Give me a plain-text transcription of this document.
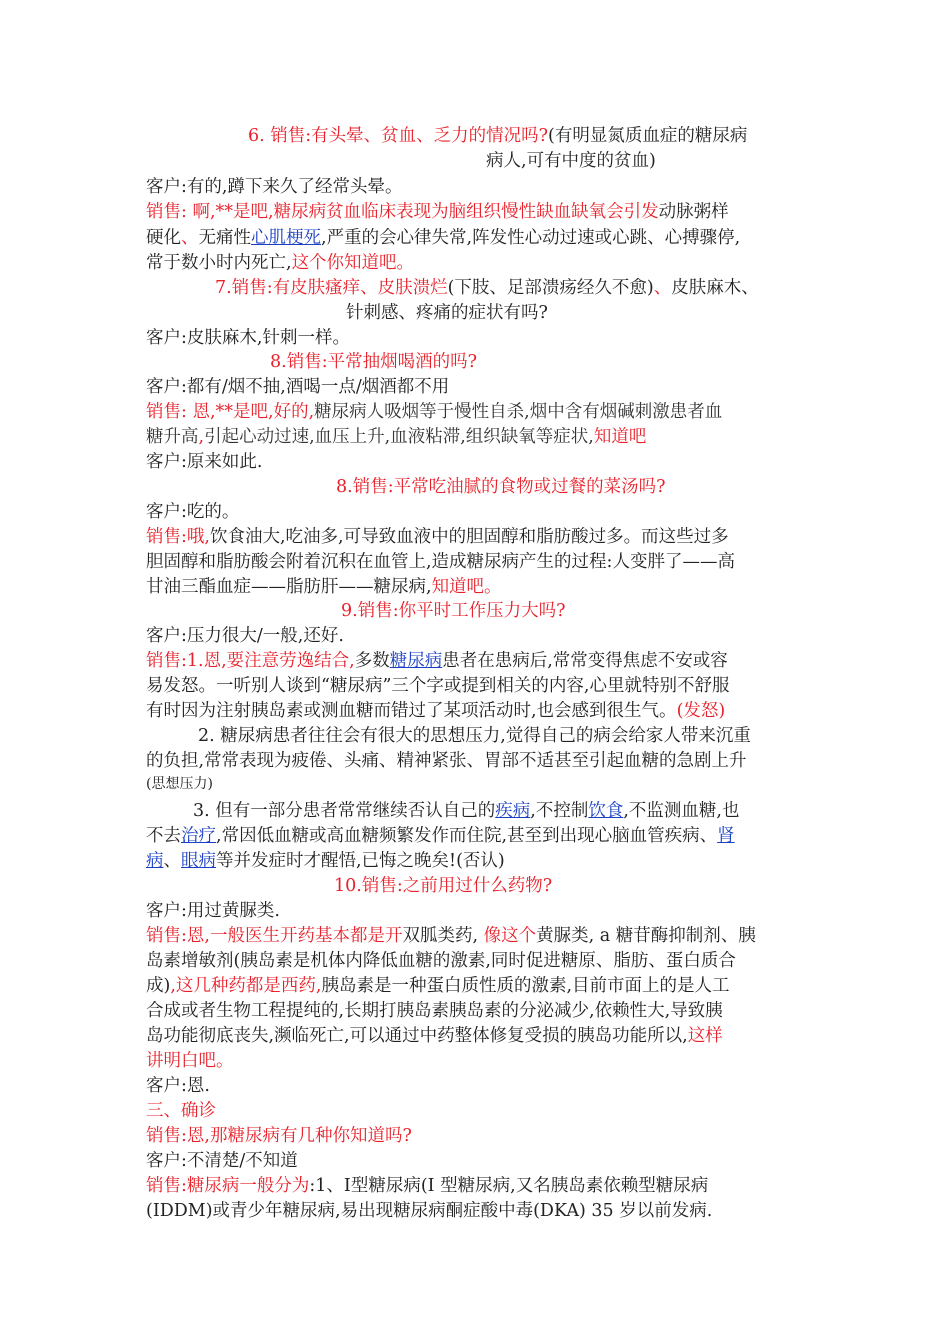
6. 销售:有头晕、贫血、乏力的情况吗?(有明显氮质血症的糖尿病
病人,可有中度的贫血)
客户:有的,蹲下来久了经常头晕。
销售: 啊,**是吧,糖尿病贫血临床表现为脑组织慢性缺血缺氧会引发动脉粥样
硬化、无痛性心肌梗死,严重的会心律失常,阵发性心动过速或心跳、心搏骤停,
常于数小时内死亡,这个你知道吧。
7.销售:有皮肤瘙痒、皮肤溃烂(下肢、足部溃疡经久不愈)、皮肤麻木、
针刺感、疼痛的症状有吗?
客户:皮肤麻木,针刺一样。
8.销售:平常抽烟喝酒的吗?
客户:都有/烟不抽,酒喝一点/烟酒都不用
销售: 恩,**是吧,好的,糖尿病人吸烟等于慢性自杀,烟中含有烟碱刺激患者血
糖升高,引起心动过速,血压上升,血液粘滞,组织缺氧等症状,知道吧
客户:原来如此.
8.销售:平常吃油腻的食物或过餐的菜汤吗?
客户:吃的。
销售:哦,饮食油大,吃油多,可导致血液中的胆固醇和脂肪酸过多。而这些过多
胆固醇和脂肪酸会附着沉积在血管上,造成糖尿病产生的过程:人变胖了——高
甘油三酯血症——脂肪肝——糖尿病,知道吧。
9.销售:你平时工作压力大吗?
客户:压力很大/一般,还好.
销售:1.恩,要注意劳逸结合,多数糖尿病患者在患病后,常常变得焦虑不安或容
易发怒。一听别人谈到“糖尿病”三个字或提到相关的内容,心里就特别不舒服
有时因为注射胰岛素或测血糖而错过了某项活动时,也会感到很生气。(发怒)
2. 糖尿病患者往往会有很大的思想压力,觉得自己的病会给家人带来沉重
的负担,常常表现为疲倦、头痛、精神紧张、胃部不适甚至引起血糖的急剧上升
(思想压力)
3. 但有一部分患者常常继续否认自己的疾病,不控制饮食,不监测血糖,也
不去治疗,常因低血糖或高血糖频繁发作而住院,甚至到出现心脑血管疾病、肾
病、眼病等并发症时才醒悟,已悔之晚矣!(否认)
10.销售:之前用过什么药物?
客户:用过黄脲类.
销售:恩,一般医生开药基本都是开双胍类药, 像这个黄脲类, a 糖苷酶抑制剂、胰
岛素增敏剂(胰岛素是机体内降低血糖的激素,同时促进糖原、脂肪、蛋白质合
成),这几种药都是西药,胰岛素是一种蛋白质性质的激素,目前市面上的是人工
合成或者生物工程提纯的,长期打胰岛素胰岛素的分泌减少,依赖性大,导致胰
岛功能彻底丧失,濒临死亡,可以通过中药整体修复受损的胰岛功能所以,这样
讲明白吧。
客户:恩.
三、确诊
销售:恩,那糖尿病有几种你知道吗?
客户:不清楚/不知道
销售:糖尿病一般分为:1、Ⅰ型糖尿病(Ⅰ 型糖尿病,又名胰岛素依赖型糖尿病
(IDDM)或青少年糖尿病,易出现糖尿病酮症酸中毒(DKA) 35 岁以前发病.
